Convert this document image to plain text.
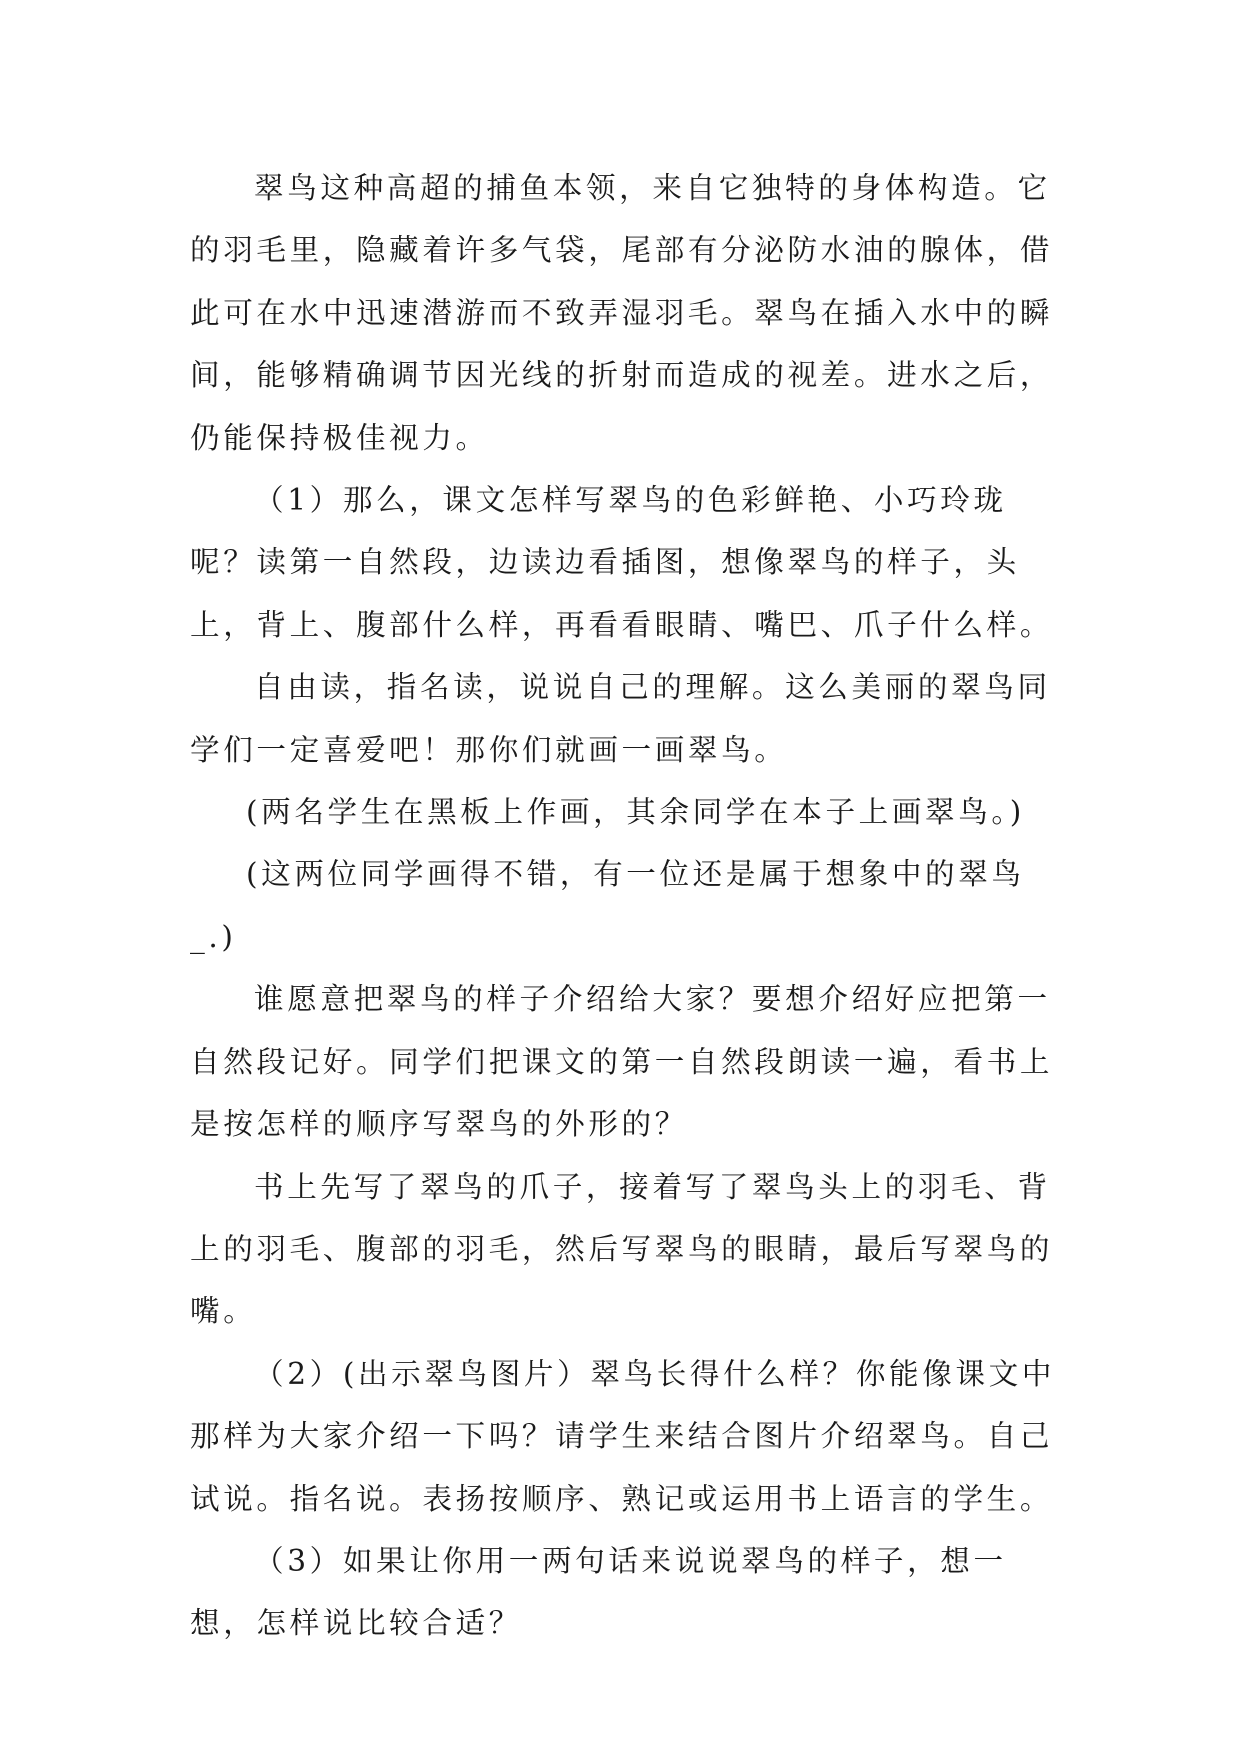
翠鸟这种高超的捕鱼本领，来自它独特的身体构造。它的羽毛里，隐藏着许多气袋，尾部有分泌防水油的腺体，借此可在水中迅速潜游而不致弄湿羽毛。翠鸟在插入水中的瞬间，能够精确调节因光线的折射而造成的视差。进水之后，仍能保持极佳视力。

（1）那么，课文怎样写翠鸟的色彩鲜艳、小巧玲珑呢？读第一自然段，边读边看插图，想像翠鸟的样子，头上，背上、腹部什么样，再看看眼睛、嘴巴、爪子什么样。

自由读，指名读，说说自己的理解。这么美丽的翠鸟同学们一定喜爱吧！那你们就画一画翠鸟。

(两名学生在黑板上作画，其余同学在本子上画翠鸟。)

(这两位同学画得不错，有一位还是属于想象中的翠鸟_.)

谁愿意把翠鸟的样子介绍给大家？要想介绍好应把第一自然段记好。同学们把课文的第一自然段朗读一遍，看书上是按怎样的顺序写翠鸟的外形的？

书上先写了翠鸟的爪子，接着写了翠鸟头上的羽毛、背上的羽毛、腹部的羽毛，然后写翠鸟的眼睛，最后写翠鸟的嘴。

（2）(出示翠鸟图片）翠鸟长得什么样？你能像课文中那样为大家介绍一下吗？请学生来结合图片介绍翠鸟。自己试说。指名说。表扬按顺序、熟记或运用书上语言的学生。

（3）如果让你用一两句话来说说翠鸟的样子，想一想，怎样说比较合适？
